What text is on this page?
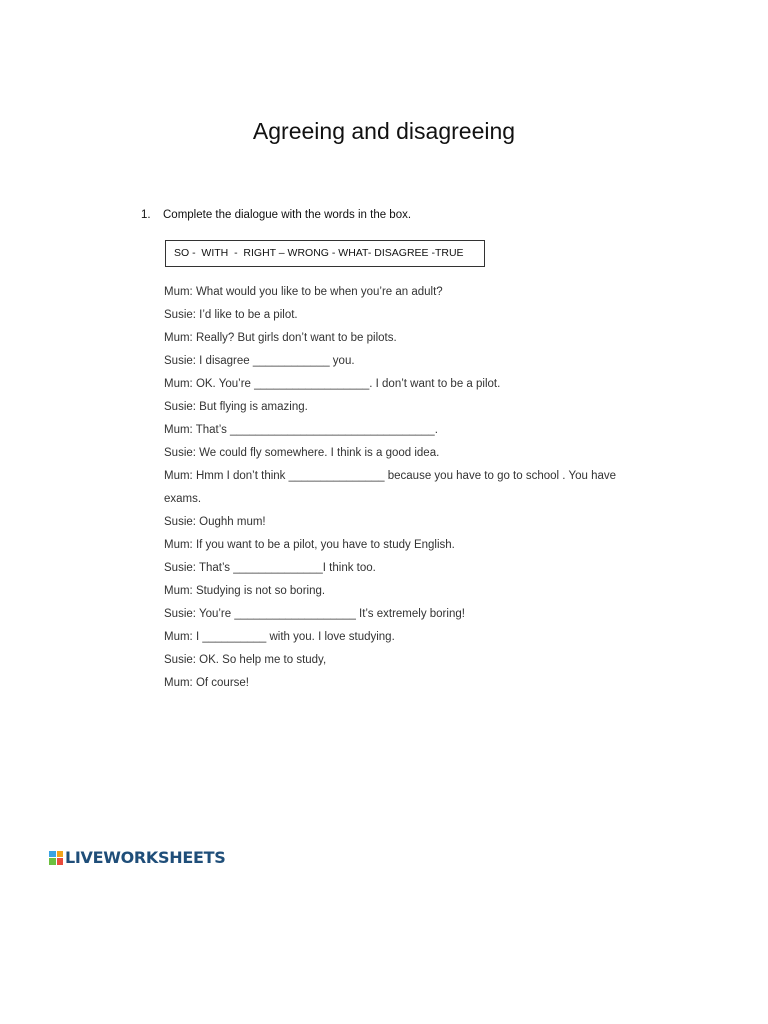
Agreeing and disagreeing
1. Complete the dialogue with the words in the box.
SO -  WITH  -  RIGHT – WRONG - WHAT- DISAGREE -TRUE
Mum: What would you like to be when you’re an adult?
Susie: I’d like to be a pilot.
Mum: Really? But girls don’t want to be pilots.
Susie: I disagree ____________ you.
Mum: OK. You’re __________________. I don’t want to be a pilot.
Susie: But flying is amazing.
Mum: That’s ________________________________.
Susie: We could fly somewhere. I think is a good idea.
Mum: Hmm I don’t think _______________ because you have to go to school . You have
exams.
Susie: Oughh mum!
Mum: If you want to be a pilot, you have to study English.
Susie: That’s ______________I think too.
Mum: Studying is not so boring.
Susie: You’re ___________________ It’s extremely boring!
Mum: I __________ with you. I love studying.
Susie: OK. So help me to study,
Mum: Of course!
LIVEWORKSHEETS
